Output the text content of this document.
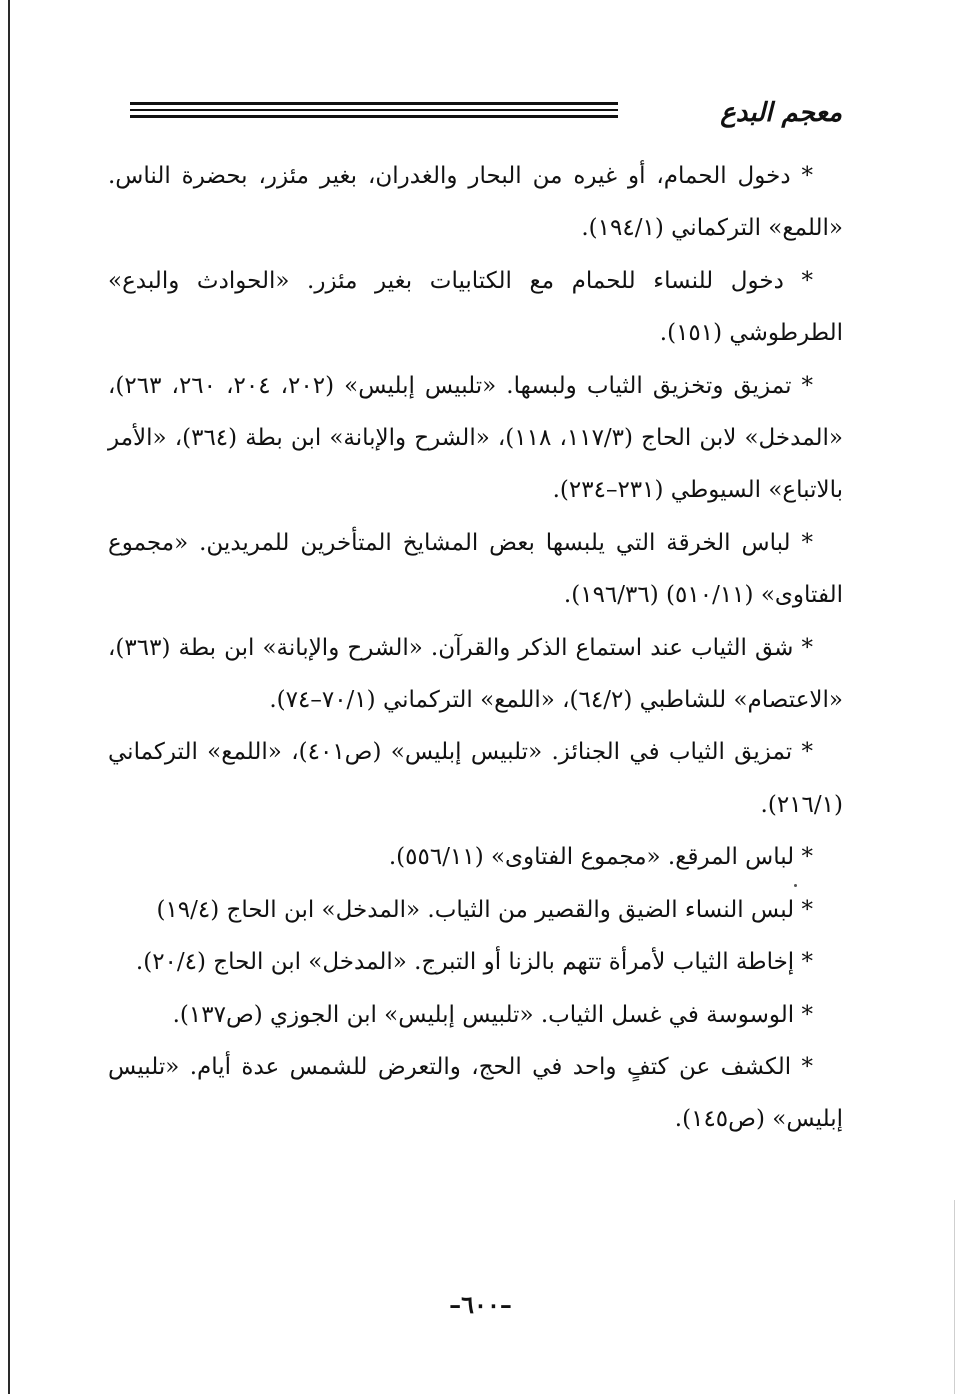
معجم البدع

* دخول الحمام، أو غيره من البحار والغدران، بغير مئزر، بحضرة الناس. «اللمع» التركماني (١٩٤/١).

* دخول للنساء للحمام مع الكتابيات بغير مئزر. «الحوادث والبدع» الطرطوشي (١٥١).

* تمزيق وتخزيق الثياب ولبسها. «تلبيس إبليس» (٢٠٢، ٢٠٤، ٢٦٠، ٢٦٣)، «المدخل» لابن الحاج (١١٧/٣، ١١٨)، «الشرح والإبانة» ابن بطة (٣٦٤)، «الأمر بالاتباع» السيوطي (٢٣١–٢٣٤).

* لباس الخرقة التي يلبسها بعض المشايخ المتأخرين للمريدين. «مجموع الفتاوى» (٥١٠/١١) (١٩٦/٣٦).

* شق الثياب عند استماع الذكر والقرآن. «الشرح والإبانة» ابن بطة (٣٦٣)، «الاعتصام» للشاطبي (٦٤/٢)، «اللمع» التركماني (٧٠/١–٧٤).

* تمزيق الثياب في الجنائز. «تلبيس إبليس» (ص٤٠١)، «اللمع» التركماني (٢١٦/١).

* لباس المرقع. «مجموع الفتاوى» (٥٥٦/١١).

* لبس النساء الضيق والقصير من الثياب. «المدخل» ابن الحاج (١٩/٤)

* إخاطة الثياب لأمرأة تتهم بالزنا أو التبرج. «المدخل» ابن الحاج (٢٠/٤).

* الوسوسة في غسل الثياب. «تلبيس إبليس» ابن الجوزي (ص١٣٧).

* الكشف عن كتفٍ واحد في الحج، والتعرض للشمس عدة أيام. «تلبيس إبليس» (ص١٤٥).

–٦٠٠–
